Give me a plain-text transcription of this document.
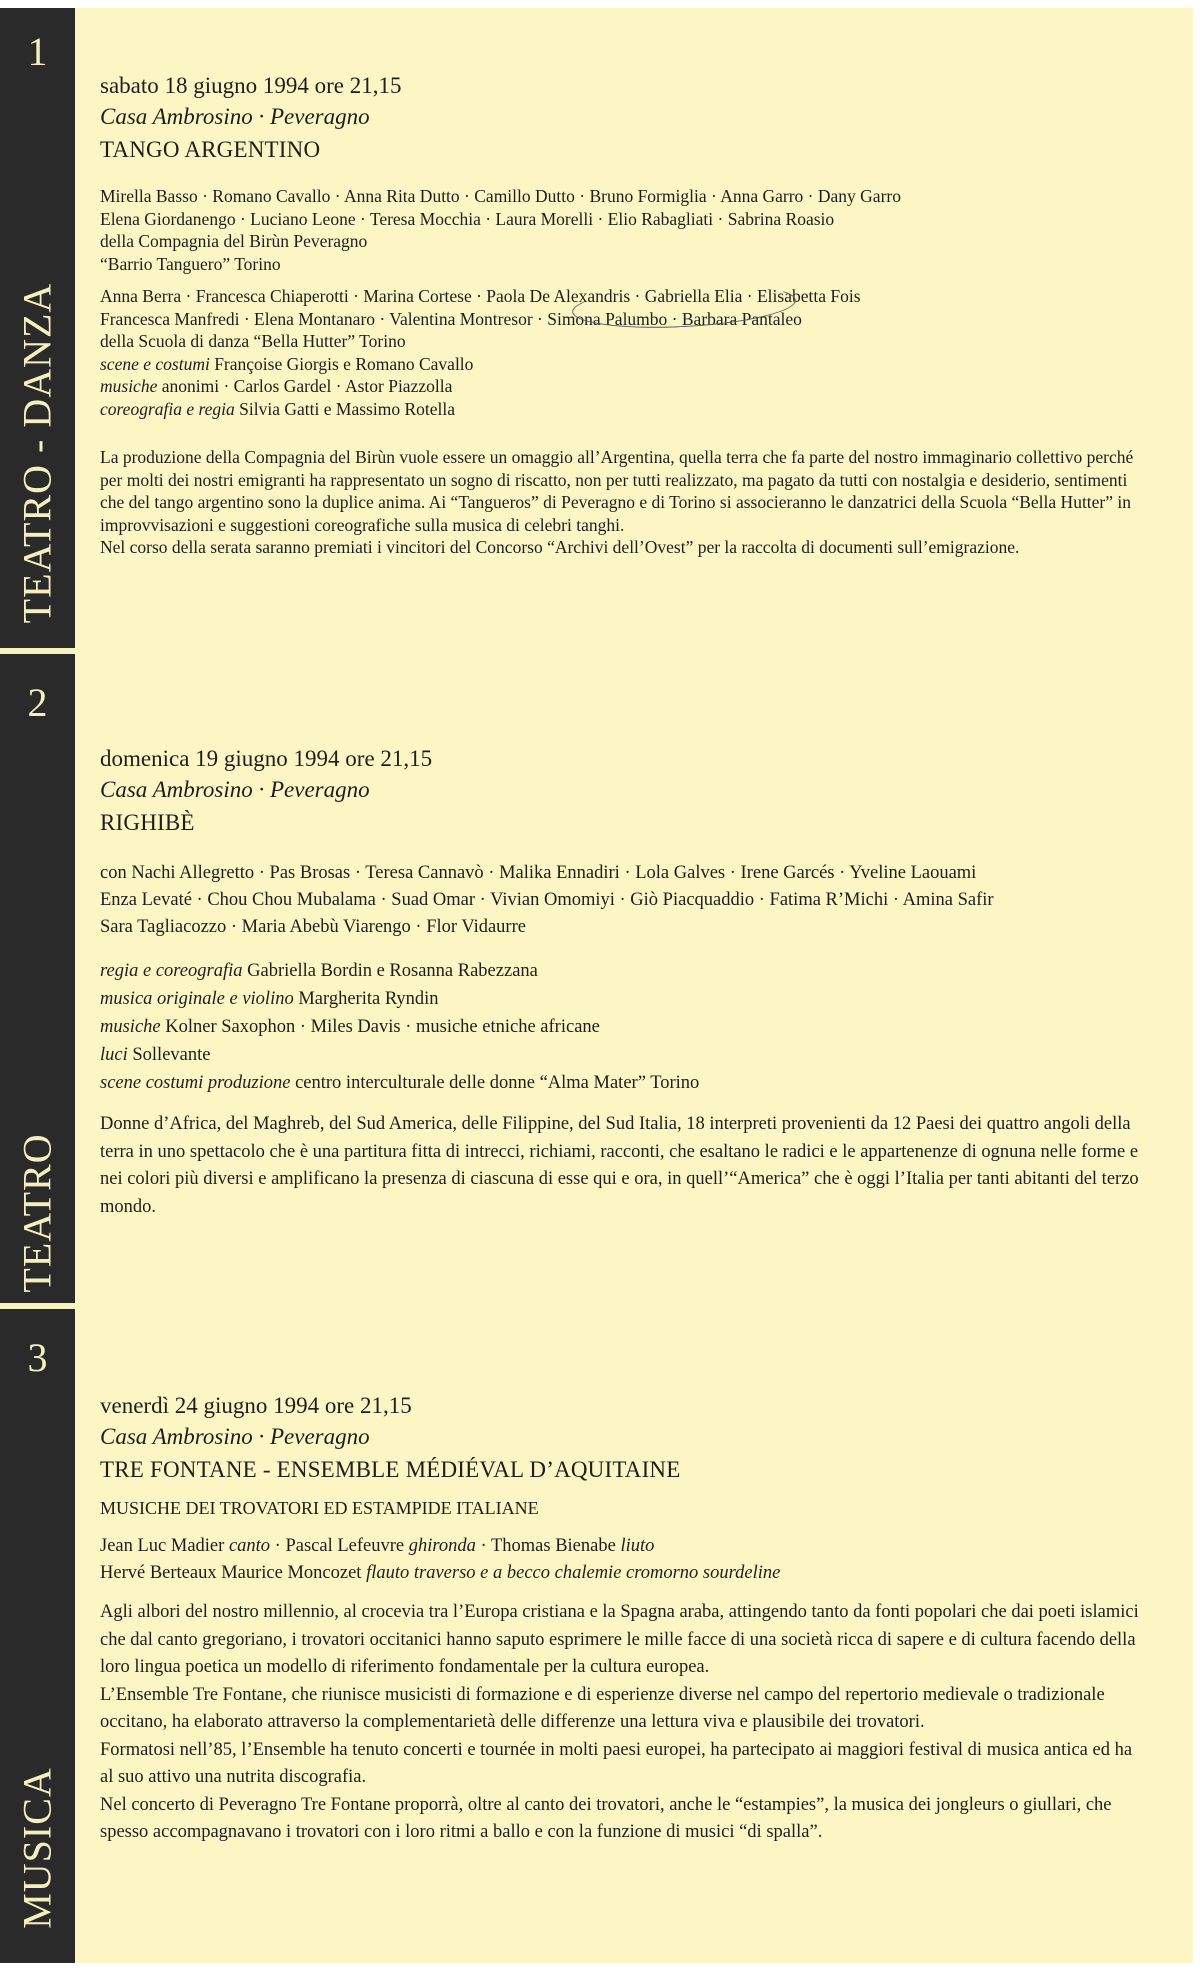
1
TEATRO - DANZA
2
TEATRO
3
MUSICA
sabato 18 giugno 1994 ore 21,15
Casa Ambrosino · Peveragno
TANGO ARGENTINO

Mirella Basso · Romano Cavallo · Anna Rita Dutto · Camillo Dutto · Bruno Formiglia · Anna Garro · Dany Garro

Elena Giordanengo · Luciano Leone · Teresa Mocchia · Laura Morelli · Elio Rabagliati · Sabrina Roasio

della Compagnia del Birùn Peveragno

“Barrio Tanguero” Torino

Anna Berra · Francesca Chiaperotti · Marina Cortese · Paola De Alexandris · Gabriella Elia · Elisabetta Fois

Francesca Manfredi · Elena Montanaro · Valentina Montresor · Simona Palumbo · Barbara Pantaleo

della Scuola di danza “Bella Hutter” Torino

scene e costumi Françoise Giorgis e Romano Cavallo

musiche anonimi · Carlos Gardel · Astor Piazzolla

coreografia e regia Silvia Gatti e Massimo Rotella

La produzione della Compagnia del Birùn vuole essere un omaggio all’Argentina, quella terra che fa parte del nostro immaginario collettivo perché per molti dei nostri emigranti ha rappresentato un sogno di riscatto, non per tutti realizzato, ma pagato da tutti con nostalgia e desiderio, sentimenti che del tango argentino sono la duplice anima. Ai “Tangueros” di Peveragno e di Torino si associeranno le danzatrici della Scuola “Bella Hutter” in improvvisazioni e suggestioni coreografiche sulla musica di celebri tanghi.

Nel corso della serata saranno premiati i vincitori del Concorso “Archivi dell’Ovest” per la raccolta di documenti sull’emigrazione.

domenica 19 giugno 1994 ore 21,15
Casa Ambrosino · Peveragno
RIGHIBÈ

con Nachi Allegretto · Pas Brosas · Teresa Cannavò · Malika Ennadiri · Lola Galves · Irene Garcés · Yveline Laouami

Enza Levaté · Chou Chou Mubalama · Suad Omar · Vivian Omomiyi · Giò Piacquaddio · Fatima R’Michi · Amina Safir

Sara Tagliacozzo · Maria Abebù Viarengo · Flor Vidaurre

regia e coreografia Gabriella Bordin e Rosanna Rabezzana

musica originale e violino Margherita Ryndin

musiche Kolner Saxophon · Miles Davis · musiche etniche africane

luci Sollevante

scene costumi produzione centro interculturale delle donne “Alma Mater” Torino

Donne d’Africa, del Maghreb, del Sud America, delle Filippine, del Sud Italia, 18 interpreti provenienti da 12 Paesi dei quattro angoli della terra in uno spettacolo che è una partitura fitta di intrecci, richiami, racconti, che esaltano le radici e le appartenenze di ognuna nelle forme e nei colori più diversi e amplificano la presenza di ciascuna di esse qui e ora, in quell’“America” che è oggi l’Italia per tanti abitanti del terzo mondo.

venerdì 24 giugno 1994 ore 21,15
Casa Ambrosino · Peveragno
TRE FONTANE - ENSEMBLE MÉDIÉVAL D’AQUITAINE
MUSICHE DEI TROVATORI ED ESTAMPIDE ITALIANE

Jean Luc Madier canto · Pascal Lefeuvre ghironda · Thomas Bienabe liuto

Hervé Berteaux Maurice Moncozet flauto traverso e a becco chalemie cromorno sourdeline

Agli albori del nostro millennio, al crocevia tra l’Europa cristiana e la Spagna araba, attingendo tanto da fonti popolari che dai poeti islamici che dal canto gregoriano, i trovatori occitanici hanno saputo esprimere le mille facce di una società ricca di sapere e di cultura facendo della loro lingua poetica un modello di riferimento fondamentale per la cultura europea.

L’Ensemble Tre Fontane, che riunisce musicisti di formazione e di esperienze diverse nel campo del repertorio medievale o tradizionale occitano, ha elaborato attraverso la complementarietà delle differenze una lettura viva e plausibile dei trovatori.

Formatosi nell’85, l’Ensemble ha tenuto concerti e tournée in molti paesi europei, ha partecipato ai maggiori festival di musica antica ed ha al suo attivo una nutrita discografia.

Nel concerto di Peveragno Tre Fontane proporrà, oltre al canto dei trovatori, anche le “estampies”, la musica dei jongleurs o giullari, che spesso accompagnavano i trovatori con i loro ritmi a ballo e con la funzione di musici “di spalla”.
